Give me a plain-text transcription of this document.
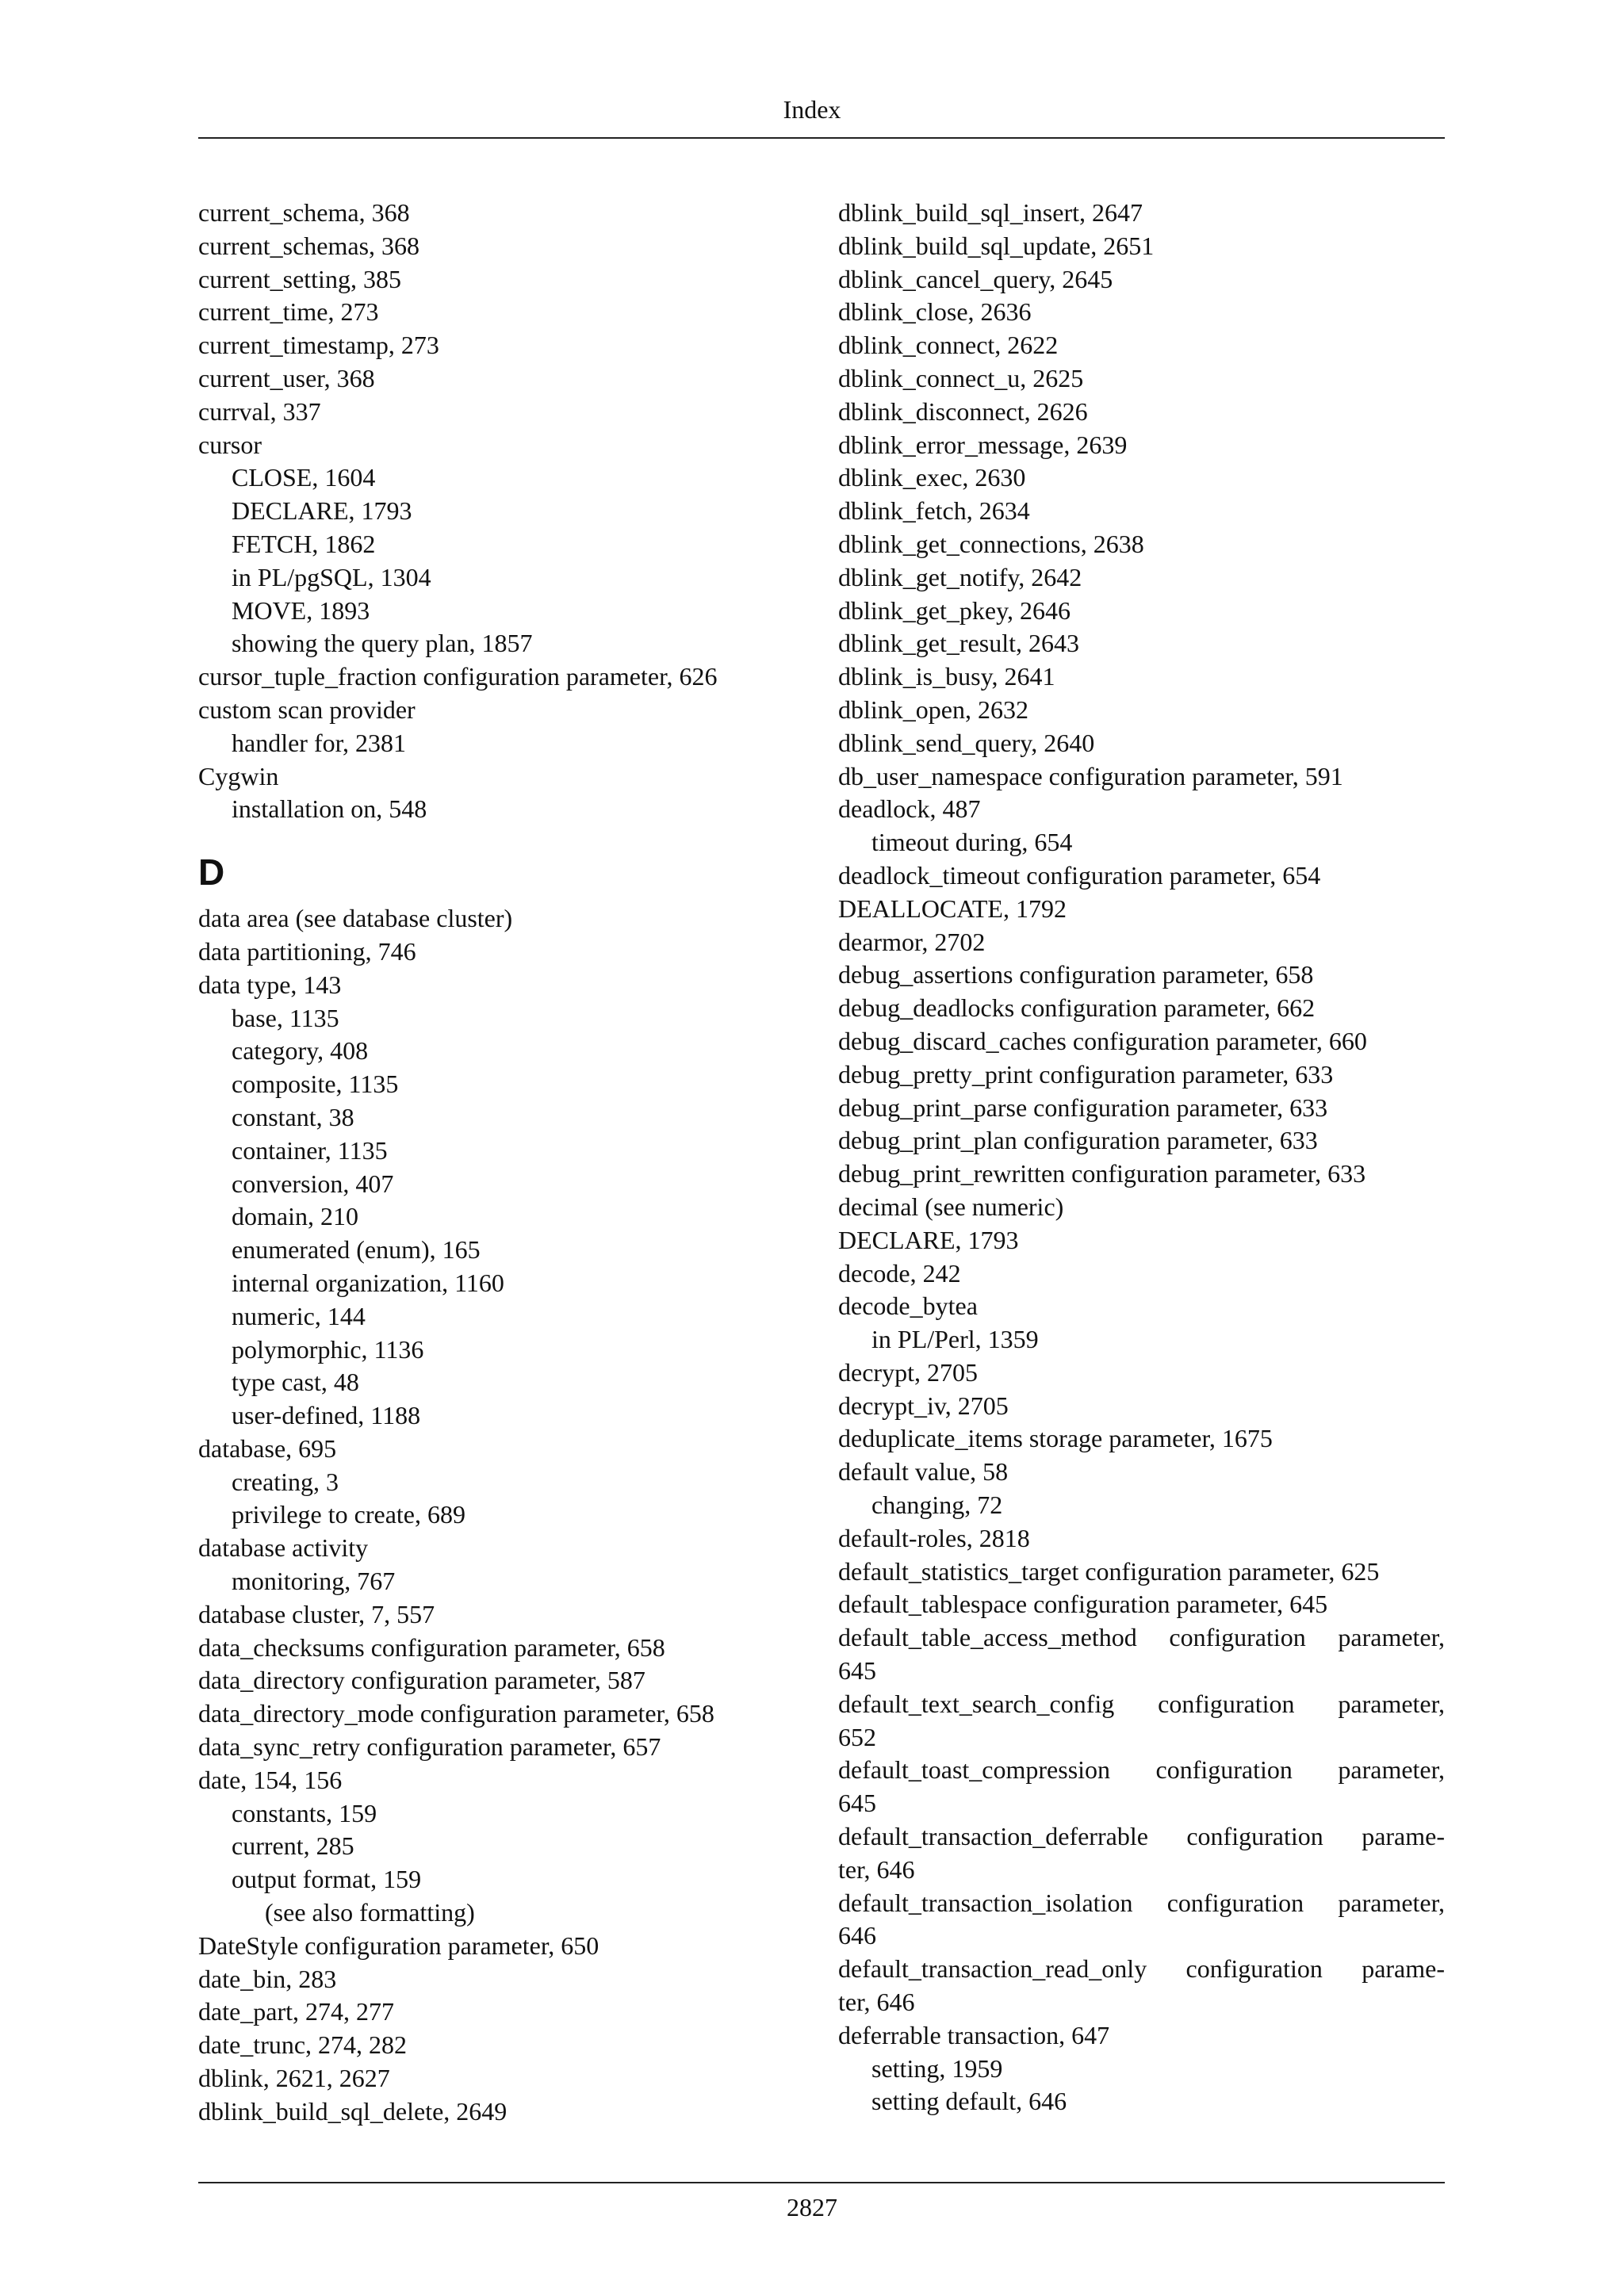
Index
current_schema, 368
current_schemas, 368
current_setting, 385
current_time, 273
current_timestamp, 273
current_user, 368
currval, 337
cursor
CLOSE, 1604
DECLARE, 1793
FETCH, 1862
in PL/pgSQL, 1304
MOVE, 1893
showing the query plan, 1857
cursor_tuple_fraction configuration parameter, 626
custom scan provider
handler for, 2381
Cygwin
installation on, 548
D
data area (see database cluster)
data partitioning, 746
data type, 143
base, 1135
category, 408
composite, 1135
constant, 38
container, 1135
conversion, 407
domain, 210
enumerated (enum), 165
internal organization, 1160
numeric, 144
polymorphic, 1136
type cast, 48
user-defined, 1188
database, 695
creating, 3
privilege to create, 689
database activity
monitoring, 767
database cluster, 7, 557
data_checksums configuration parameter, 658
data_directory configuration parameter, 587
data_directory_mode configuration parameter, 658
data_sync_retry configuration parameter, 657
date, 154, 156
constants, 159
current, 285
output format, 159
(see also formatting)
DateStyle configuration parameter, 650
date_bin, 283
date_part, 274, 277
date_trunc, 274, 282
dblink, 2621, 2627
dblink_build_sql_delete, 2649
dblink_build_sql_insert, 2647
dblink_build_sql_update, 2651
dblink_cancel_query, 2645
dblink_close, 2636
dblink_connect, 2622
dblink_connect_u, 2625
dblink_disconnect, 2626
dblink_error_message, 2639
dblink_exec, 2630
dblink_fetch, 2634
dblink_get_connections, 2638
dblink_get_notify, 2642
dblink_get_pkey, 2646
dblink_get_result, 2643
dblink_is_busy, 2641
dblink_open, 2632
dblink_send_query, 2640
db_user_namespace configuration parameter, 591
deadlock, 487
timeout during, 654
deadlock_timeout configuration parameter, 654
DEALLOCATE, 1792
dearmor, 2702
debug_assertions configuration parameter, 658
debug_deadlocks configuration parameter, 662
debug_discard_caches configuration parameter, 660
debug_pretty_print configuration parameter, 633
debug_print_parse configuration parameter, 633
debug_print_plan configuration parameter, 633
debug_print_rewritten configuration parameter, 633
decimal (see numeric)
DECLARE, 1793
decode, 242
decode_bytea
in PL/Perl, 1359
decrypt, 2705
decrypt_iv, 2705
deduplicate_items storage parameter, 1675
default value, 58
changing, 72
default-roles, 2818
default_statistics_target configuration parameter, 625
default_tablespace configuration parameter, 645
default_table_access_method configuration parameter,
645
default_text_search_config configuration parameter,
652
default_toast_compression configuration parameter,
645
default_transaction_deferrable configuration parame-
ter, 646
default_transaction_isolation configuration parameter,
646
default_transaction_read_only configuration parame-
ter, 646
deferrable transaction, 647
setting, 1959
setting default, 646
2827
